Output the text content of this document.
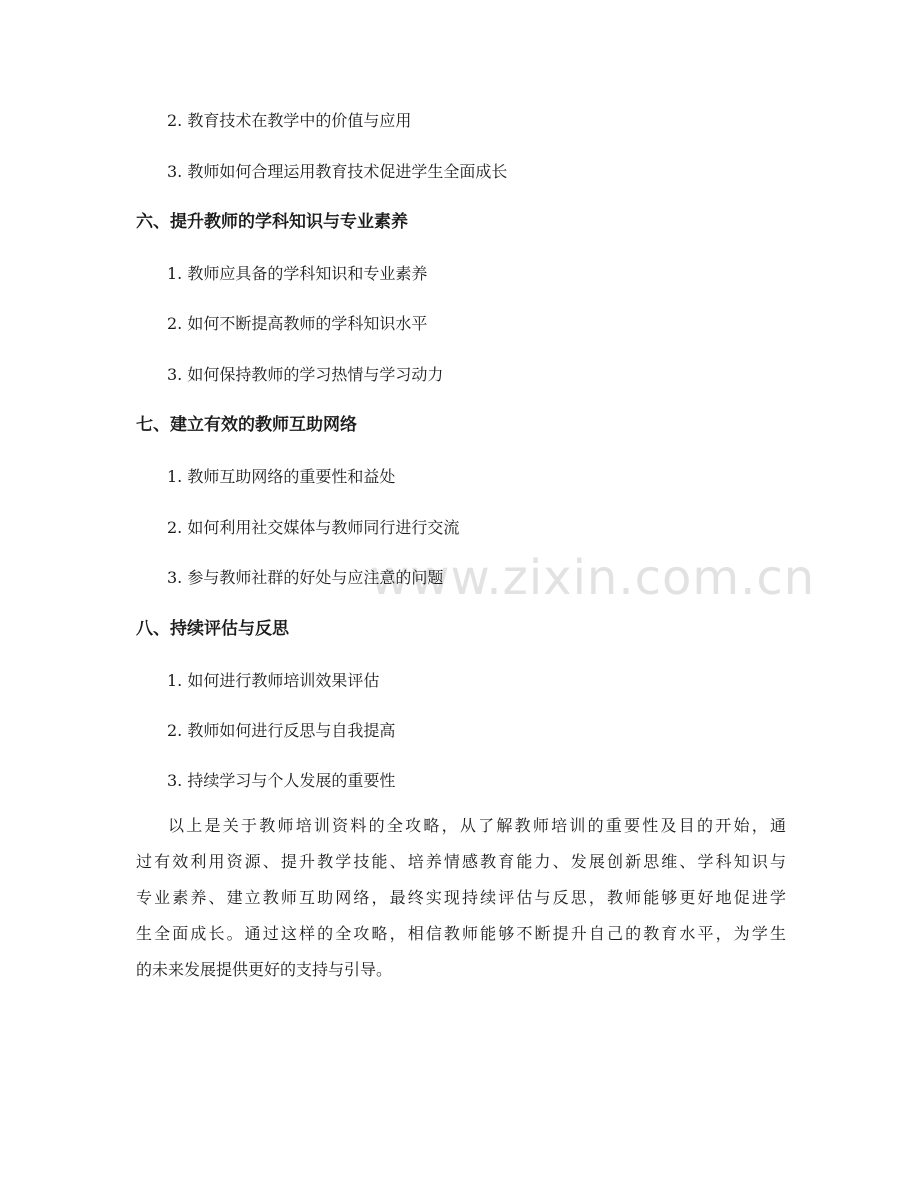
www.zixin.com.cn
2. 教育技术在教学中的价值与应用
3. 教师如何合理运用教育技术促进学生全面成长
六、提升教师的学科知识与专业素养
1. 教师应具备的学科知识和专业素养
2. 如何不断提高教师的学科知识水平
3. 如何保持教师的学习热情与学习动力
七、建立有效的教师互助网络
1. 教师互助网络的重要性和益处
2. 如何利用社交媒体与教师同行进行交流
3. 参与教师社群的好处与应注意的问题
八、持续评估与反思
1. 如何进行教师培训效果评估
2. 教师如何进行反思与自我提高
3. 持续学习与个人发展的重要性
以上是关于教师培训资料的全攻略，从了解教师培训的重要性及目的开始，通
过有效利用资源、提升教学技能、培养情感教育能力、发展创新思维、学科知识与
专业素养、建立教师互助网络，最终实现持续评估与反思，教师能够更好地促进学
生全面成长。通过这样的全攻略，相信教师能够不断提升自己的教育水平，为学生
的未来发展提供更好的支持与引导。
